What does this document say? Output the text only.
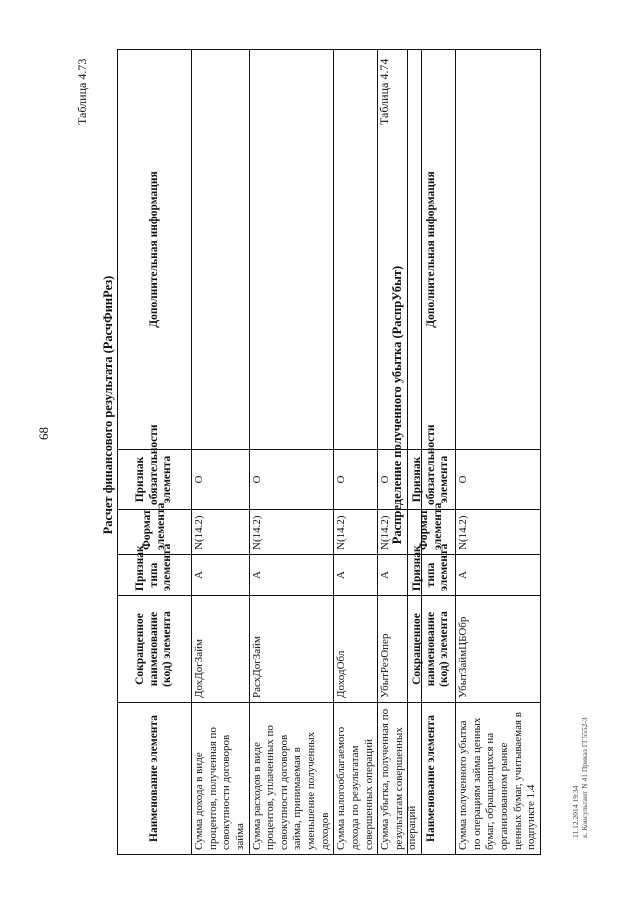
68
Таблица 4.73
Расчет финансового результата (РасчФинРез)
Наименование элемента	Сокращенное наименование (код) элемента	Признак типа элемента	Формат элемента	Признак обязательности элемента	Дополнительная информация
Сумма дохода в виде процентов, полученная по совокупности договоров займа	ДохДогЗайм	А	N(14.2)	О	
Сумма расходов в виде процентов, уплаченных по совокупности договоров займа, принимаемая в уменьшение полученных доходов	РасхДогЗайм	А	N(14.2)	О	
Сумма налогооблагаемого дохода по результатам совершенных операций	ДоходОбл	А	N(14.2)	О	
Сумма убытка, полученная по результатам совершенных операций	УбытРезОпер	А	N(14.2)	О	
Таблица 4.74
Распределение полученного убытка (РаспрУбыт)
Наименование элемента	Сокращенное наименование (код) элемента	Признак типа элемента	Формат элемента	Признак обязательности элемента	Дополнительная информация
Сумма полученного убытка по операциям займа ценных бумаг, обращающихся на организованном рынке ценных бумаг, учитываемая в подпункте 1.4	УбытЗаймЦБОбр	А	N(14.2)	О	
11.12.2014 19:34 к. Консультант N 41 Приказ ГГ5552-3
